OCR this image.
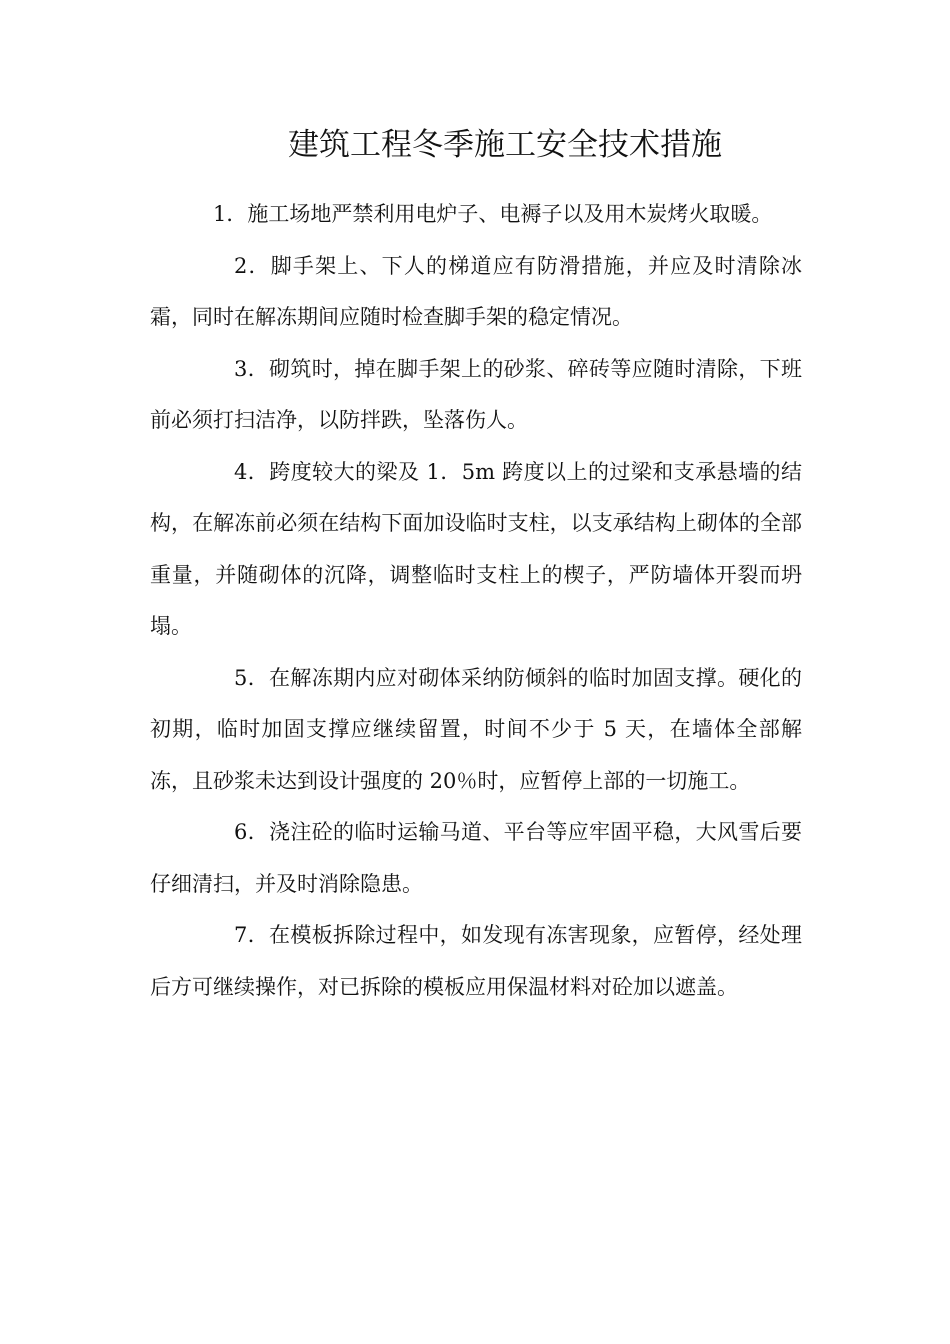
建筑工程冬季施工安全技术措施

1．施工场地严禁利用电炉子、电褥子以及用木炭烤火取暖。

2．脚手架上、下人的梯道应有防滑措施，并应及时清除冰霜，同时在解冻期间应随时检查脚手架的稳定情况。

3．砌筑时，掉在脚手架上的砂浆、碎砖等应随时清除，下班前必须打扫洁净，以防拌跌，坠落伤人。

4．跨度较大的梁及 1．5m 跨度以上的过梁和支承悬墙的结构，在解冻前必须在结构下面加设临时支柱，以支承结构上砌体的全部重量，并随砌体的沉降，调整临时支柱上的楔子，严防墙体开裂而坍塌。

5．在解冻期内应对砌体采纳防倾斜的临时加固支撑。硬化的初期，临时加固支撑应继续留置，时间不少于 5 天，在墙体全部解冻，且砂浆未达到设计强度的 20％时，应暂停上部的一切施工。

6．浇注砼的临时运输马道、平台等应牢固平稳，大风雪后要仔细清扫，并及时消除隐患。

7．在模板拆除过程中，如发现有冻害现象，应暂停，经处理后方可继续操作，对已拆除的模板应用保温材料对砼加以遮盖。
